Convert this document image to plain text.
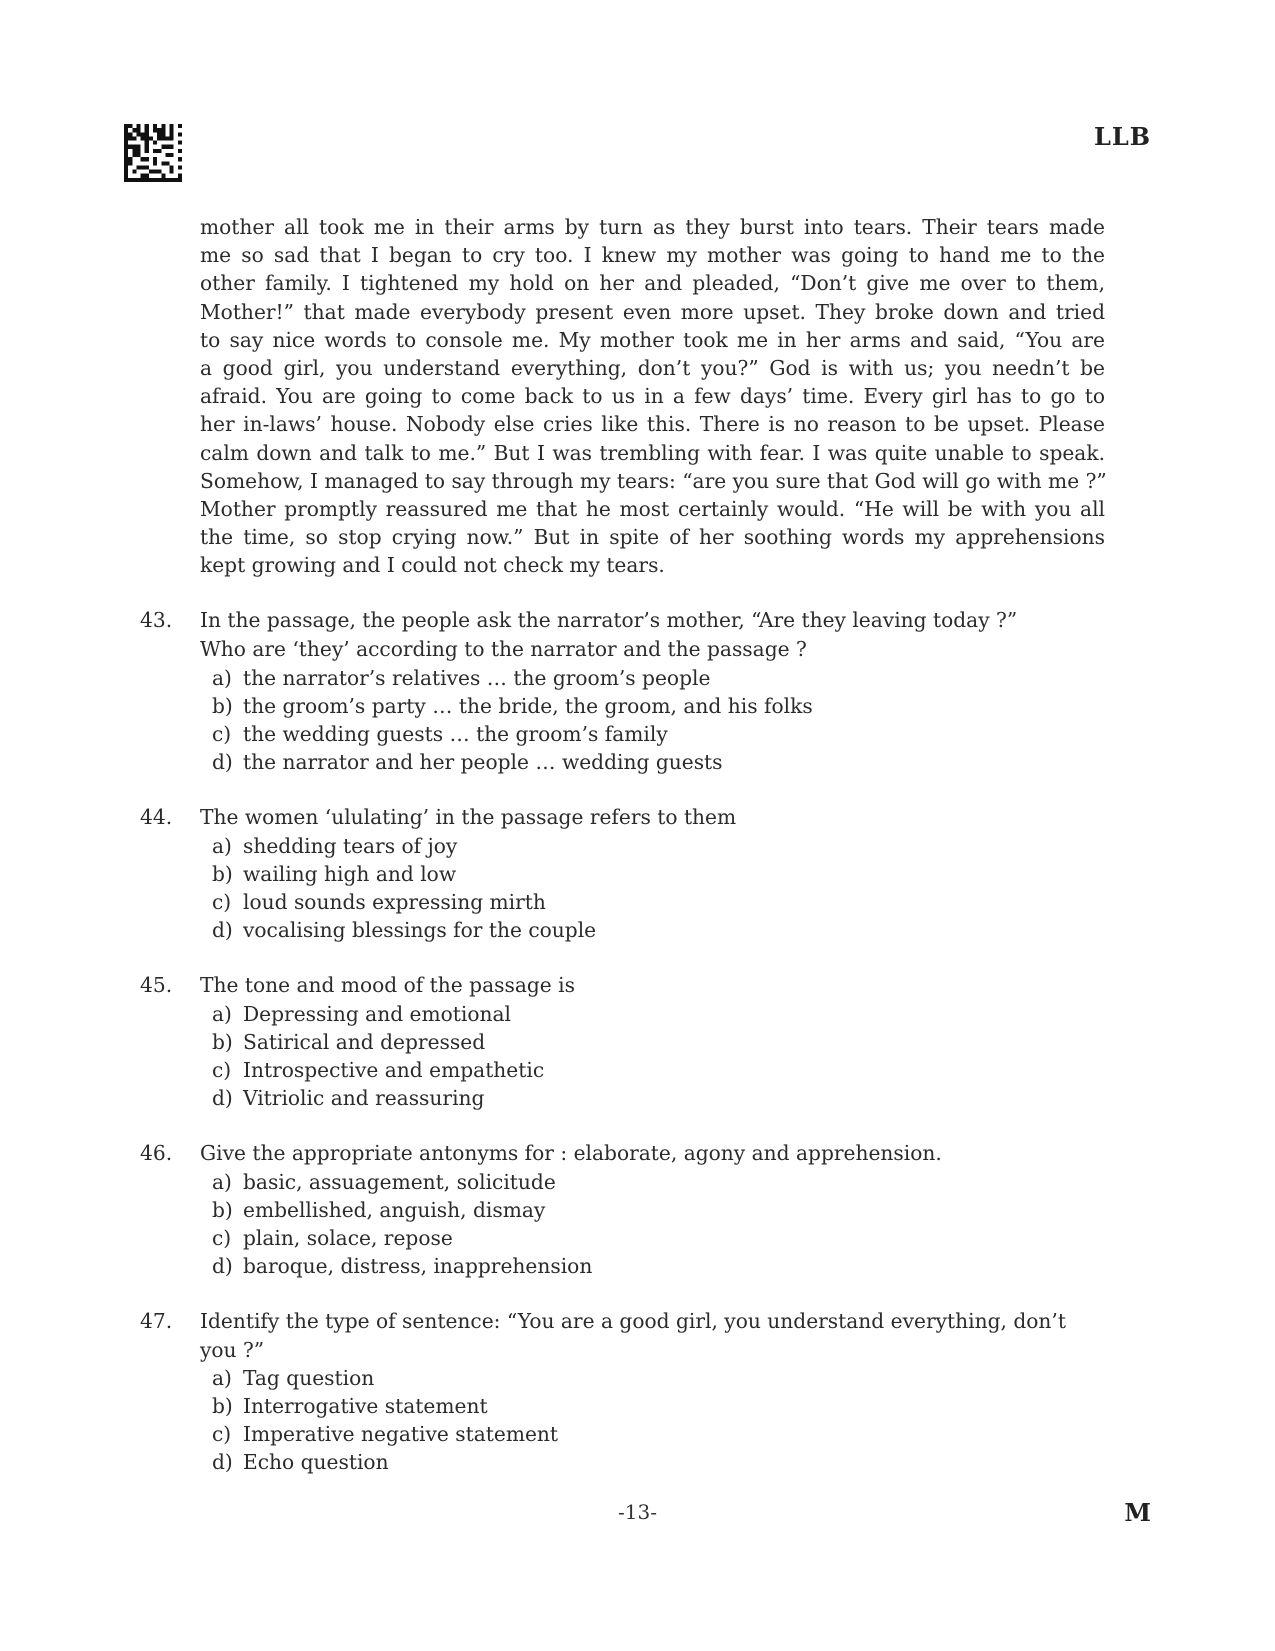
LLB
mother all took me in their arms by turn as they burst into tears. Their tears made
me so sad that I began to cry too. I knew my mother was going to hand me to the
other family. I tightened my hold on her and pleaded, “Don’t give me over to them,
Mother!” that made everybody present even more upset. They broke down and tried
to say nice words to console me. My mother took me in her arms and said, “You are
a good girl, you understand everything, don’t you?” God is with us; you needn’t be
afraid. You are going to come back to us in a few days’ time. Every girl has to go to
her in-laws’ house. Nobody else cries like this. There is no reason to be upset. Please
calm down and talk to me.” But I was trembling with fear. I was quite unable to speak.
Somehow, I managed to say through my tears: “are you sure that God will go with me ?”
Mother promptly reassured me that he most certainly would. “He will be with you all
the time, so stop crying now.” But in spite of her soothing words my apprehensions
kept growing and I could not check my tears.
43. In the passage, the people ask the narrator’s mother, “Are they leaving today ?”

Who are ‘they’ according to the narrator and the passage ?

a) the narrator’s relatives … the groom’s people
b) the groom’s party … the bride, the groom, and his folks
c) the wedding guests … the groom’s family
d) the narrator and her people … wedding guests
44. The women ‘ululating’ in the passage refers to them

a) shedding tears of joy
b) wailing high and low
c) loud sounds expressing mirth
d) vocalising blessings for the couple
45. The tone and mood of the passage is

a) Depressing and emotional
b) Satirical and depressed
c) Introspective and empathetic
d) Vitriolic and reassuring
46. Give the appropriate antonyms for : elaborate, agony and apprehension.

a) basic, assuagement, solicitude
b) embellished, anguish, dismay
c) plain, solace, repose
d) baroque, distress, inapprehension
47. Identify the type of sentence: “You are a good girl, you understand everything, don’t

you ?”

a) Tag question
b) Interrogative statement
c) Imperative negative statement
d) Echo question
-13-	M
